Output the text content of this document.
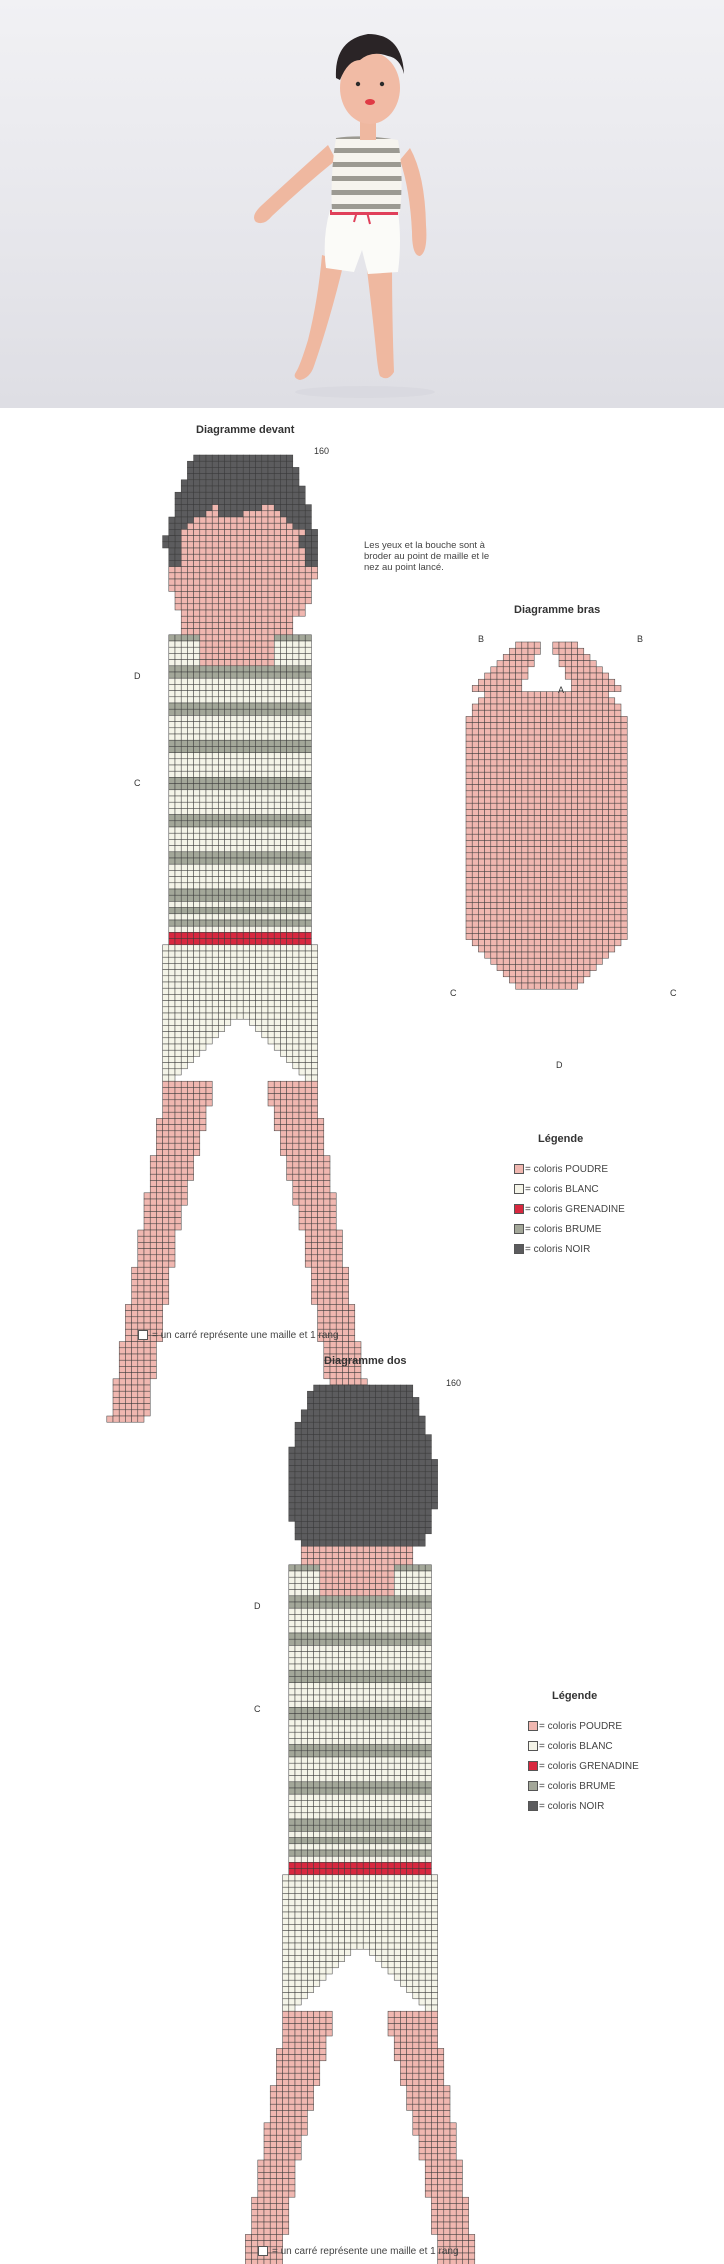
Diagramme devant
160
Les yeux et la bouche sont à broder au point de maille et le nez au point lancé.
D
C
= un carré représente une maille et 1 rang
Diagramme bras
B	B
A
C	C
D
Légende
= coloris POUDRE
= coloris BLANC
= coloris GRENADINE
= coloris BRUME
= coloris NOIR
Diagramme dos
160
D
C
= un carré représente une maille et 1 rang
Légende
= coloris POUDRE
= coloris BLANC
= coloris GRENADINE
= coloris BRUME
= coloris NOIR
